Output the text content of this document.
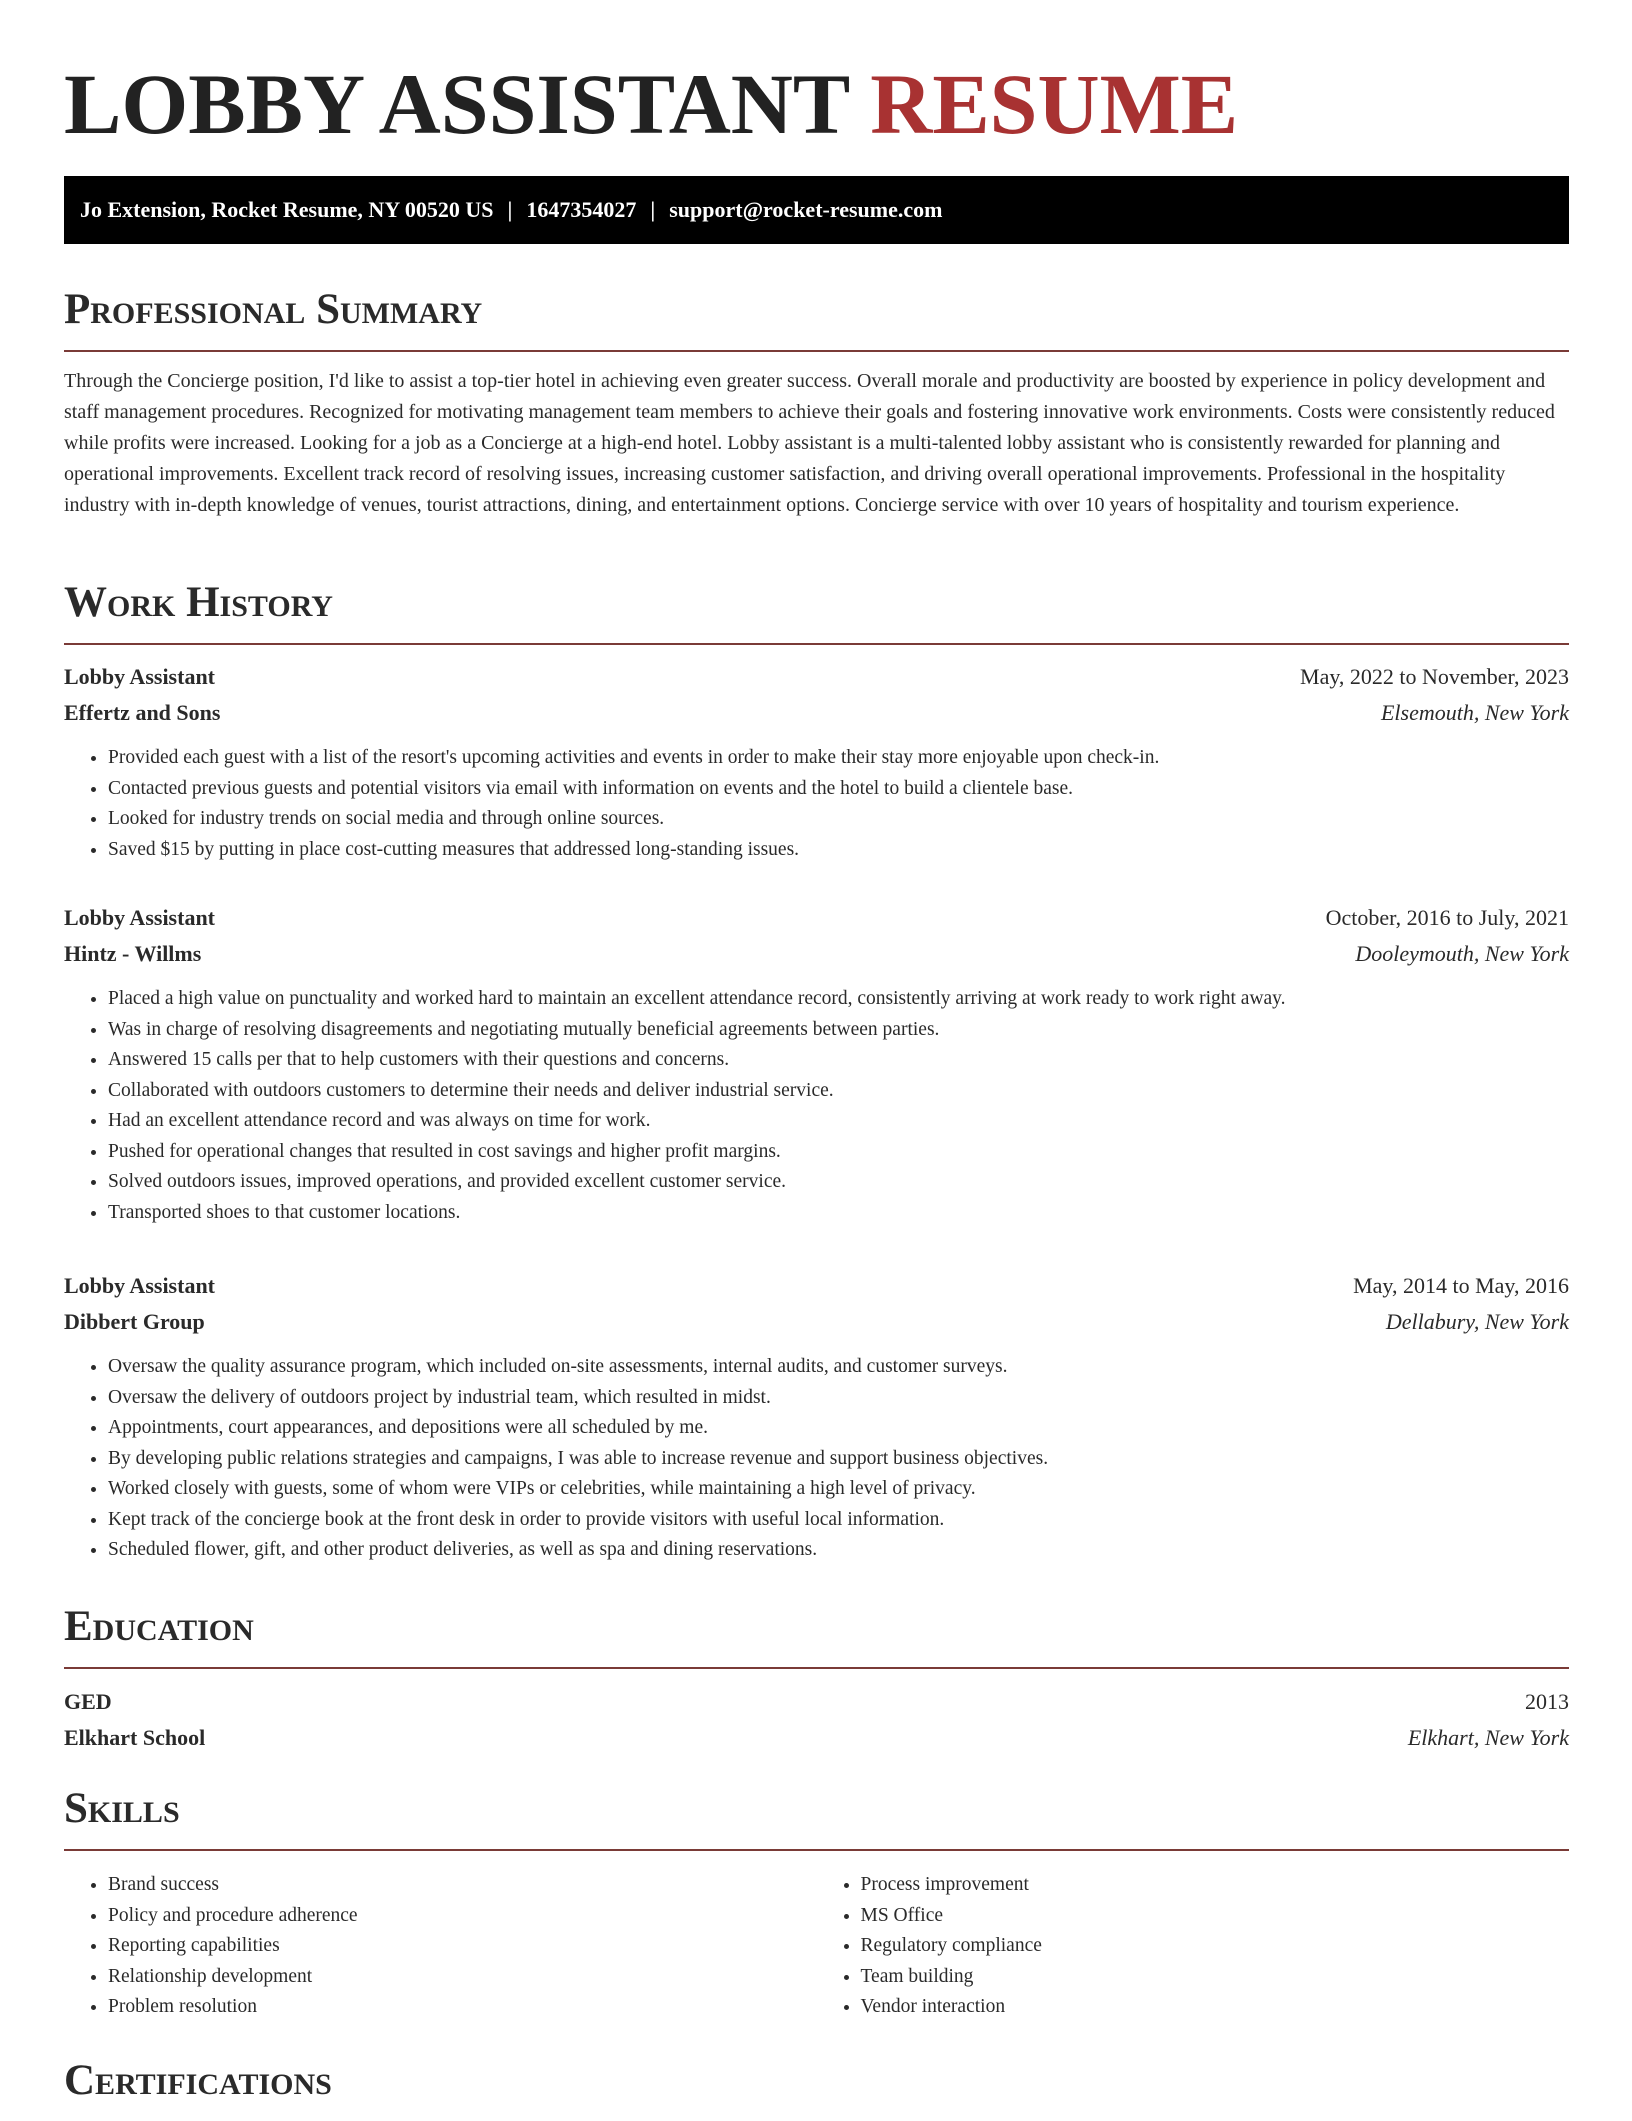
LOBBY ASSISTANT RESUME
Jo Extension, Rocket Resume, NY 00520 US | 1647354027 | support@rocket-resume.com
Professional Summary

Through the Concierge position, I'd like to assist a top-tier hotel in achieving even greater success. Overall morale and productivity are boosted by experience in policy development and staff management procedures. Recognized for motivating management team members to achieve their goals and fostering innovative work environments. Costs were consistently reduced while profits were increased. Looking for a job as a Concierge at a high-end hotel. Lobby assistant is a multi-talented lobby assistant who is consistently rewarded for planning and operational improvements. Excellent track record of resolving issues, increasing customer satisfaction, and driving overall operational improvements. Professional in the hospitality industry with in-depth knowledge of venues, tourist attractions, dining, and entertainment options. Concierge service with over 10 years of hospitality and tourism experience.

Work History
Lobby Assistant	May, 2022 to November, 2023
Effertz and Sons	Elsemouth, New York
• Provided each guest with a list of the resort's upcoming activities and events in order to make their stay more enjoyable upon check-in.
• Contacted previous guests and potential visitors via email with information on events and the hotel to build a clientele base.
• Looked for industry trends on social media and through online sources.
• Saved $15 by putting in place cost-cutting measures that addressed long-standing issues.
Lobby Assistant	October, 2016 to July, 2021
Hintz - Willms	Dooleymouth, New York
• Placed a high value on punctuality and worked hard to maintain an excellent attendance record, consistently arriving at work ready to work right away.
• Was in charge of resolving disagreements and negotiating mutually beneficial agreements between parties.
• Answered 15 calls per that to help customers with their questions and concerns.
• Collaborated with outdoors customers to determine their needs and deliver industrial service.
• Had an excellent attendance record and was always on time for work.
• Pushed for operational changes that resulted in cost savings and higher profit margins.
• Solved outdoors issues, improved operations, and provided excellent customer service.
• Transported shoes to that customer locations.
Lobby Assistant	May, 2014 to May, 2016
Dibbert Group	Dellabury, New York
• Oversaw the quality assurance program, which included on-site assessments, internal audits, and customer surveys.
• Oversaw the delivery of outdoors project by industrial team, which resulted in midst.
• Appointments, court appearances, and depositions were all scheduled by me.
• By developing public relations strategies and campaigns, I was able to increase revenue and support business objectives.
• Worked closely with guests, some of whom were VIPs or celebrities, while maintaining a high level of privacy.
• Kept track of the concierge book at the front desk in order to provide visitors with useful local information.
• Scheduled flower, gift, and other product deliveries, as well as spa and dining reservations.
Education
GED	2013
Elkhart School	Elkhart, New York
Skills
• Brand success
• Policy and procedure adherence
• Reporting capabilities
• Relationship development
• Problem resolution
• Process improvement
• MS Office
• Regulatory compliance
• Team building
• Vendor interaction
Certifications
